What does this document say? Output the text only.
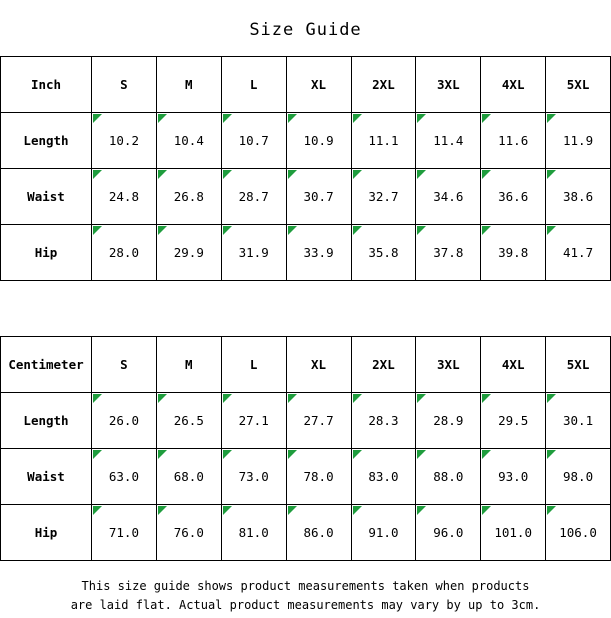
Size Guide
Inch	S	M	L	XL	2XL	3XL	4XL	5XL
Length	10.2	10.4	10.7	10.9	11.1	11.4	11.6	11.9
Waist	24.8	26.8	28.7	30.7	32.7	34.6	36.6	38.6
Hip	28.0	29.9	31.9	33.9	35.8	37.8	39.8	41.7
Centimeter	S	M	L	XL	2XL	3XL	4XL	5XL
Length	26.0	26.5	27.1	27.7	28.3	28.9	29.5	30.1
Waist	63.0	68.0	73.0	78.0	83.0	88.0	93.0	98.0
Hip	71.0	76.0	81.0	86.0	91.0	96.0	101.0	106.0
This size guide shows product measurements taken when products
are laid flat. Actual product measurements may vary by up to 3cm.
